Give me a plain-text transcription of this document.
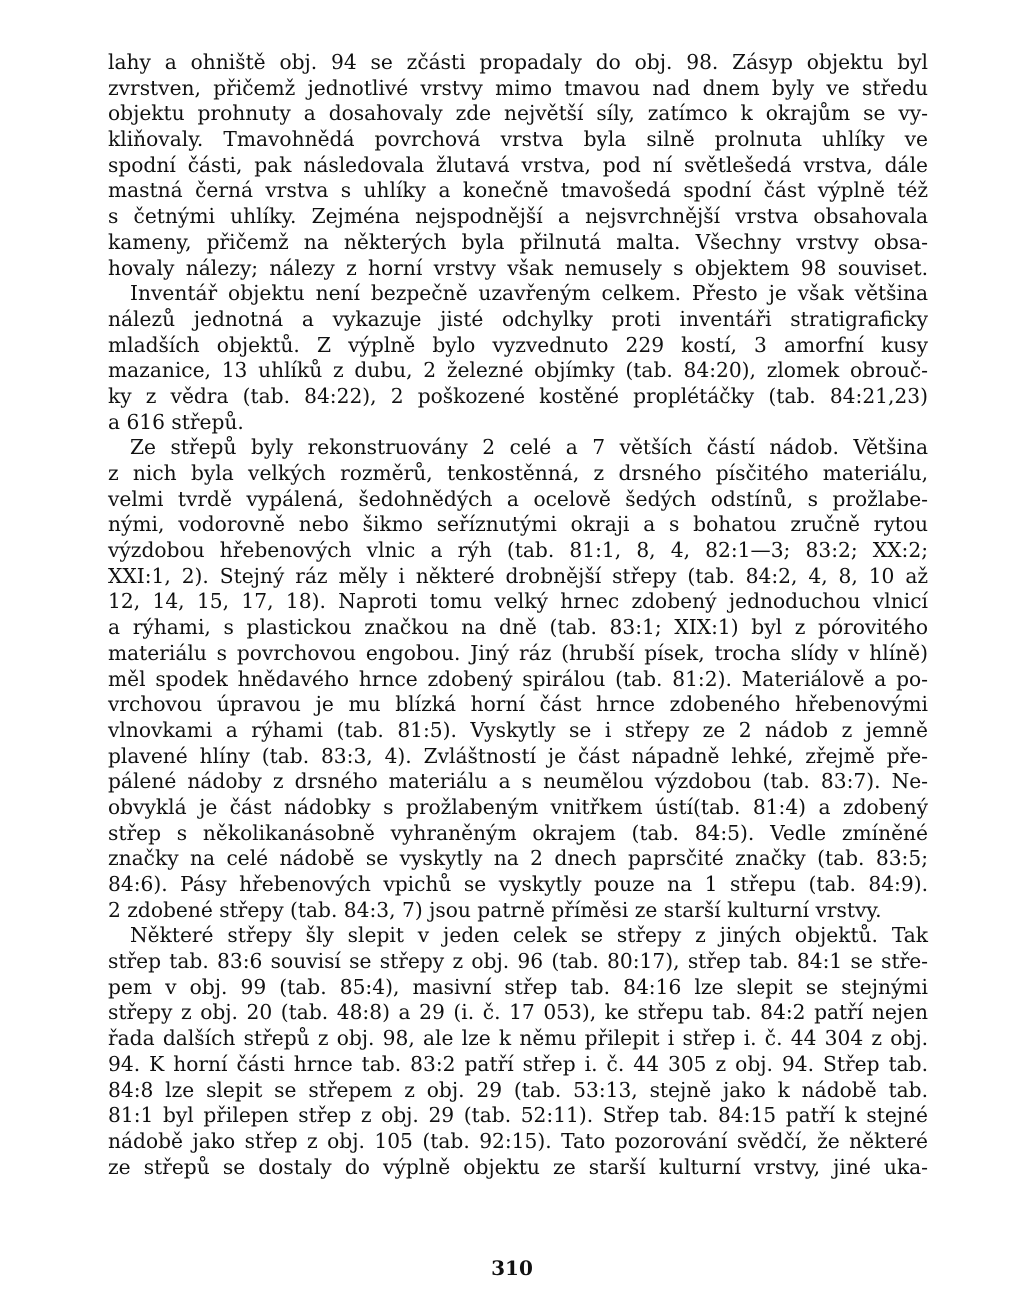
lahy a ohniště obj. 94 se zčásti propadaly do obj. 98. Zásyp objektu byl
zvrstven, přičemž jednotlivé vrstvy mimo tmavou nad dnem byly ve středu
objektu prohnuty a dosahovaly zde největší síly, zatímco k okrajům se vy-
kliňovaly. Tmavohnědá povrchová vrstva byla silně prolnuta uhlíky ve
spodní části, pak následovala žlutavá vrstva, pod ní světlešedá vrstva, dále
mastná černá vrstva s uhlíky a konečně tmavošedá spodní část výplně též
s četnými uhlíky. Zejména nejspodnější a nejsvrchnější vrstva obsahovala
kameny, přičemž na některých byla přilnutá malta. Všechny vrstvy obsa-
hovaly nálezy; nálezy z horní vrstvy však nemusely s objektem 98 souviset.
Inventář objektu není bezpečně uzavřeným celkem. Přesto je však většina
nálezů jednotná a vykazuje jisté odchylky proti inventáři stratigraficky
mladších objektů. Z výplně bylo vyzvednuto 229 kostí, 3 amorfní kusy
mazanice, 13 uhlíků z dubu, 2 železné objímky (tab. 84:20), zlomek obrouč-
ky z vědra (tab. 84:22), 2 poškozené kostěné proplétáčky (tab. 84:21,23)
a 616 střepů.
Ze střepů byly rekonstruovány 2 celé a 7 větších částí nádob. Většina
z nich byla velkých rozměrů, tenkostěnná, z drsného písčitého materiálu,
velmi tvrdě vypálená, šedohnědých a ocelově šedých odstínů, s prožlabe-
nými, vodorovně nebo šikmo seříznutými okraji a s bohatou zručně rytou
výzdobou hřebenových vlnic a rýh (tab. 81:1, 8, 4, 82:1—3; 83:2; XX:2;
XXI:1, 2). Stejný ráz měly i některé drobnější střepy (tab. 84:2, 4, 8, 10 až
12, 14, 15, 17, 18). Naproti tomu velký hrnec zdobený jednoduchou vlnicí
a rýhami, s plastickou značkou na dně (tab. 83:1; XIX:1) byl z pórovitého
materiálu s povrchovou engobou. Jiný ráz (hrubší písek, trocha slídy v hlíně)
měl spodek hnědavého hrnce zdobený spirálou (tab. 81:2). Materiálově a po-
vrchovou úpravou je mu blízká horní část hrnce zdobeného hřebenovými
vlnovkami a rýhami (tab. 81:5). Vyskytly se i střepy ze 2 nádob z jemně
plavené hlíny (tab. 83:3, 4). Zvláštností je část nápadně lehké, zřejmě pře-
pálené nádoby z drsného materiálu a s neumělou výzdobou (tab. 83:7). Ne-
obvyklá je část nádobky s prožlabeným vnitřkem ústí(tab. 81:4) a zdobený
střep s několikanásobně vyhraněným okrajem (tab. 84:5). Vedle zmíněné
značky na celé nádobě se vyskytly na 2 dnech paprsčité značky (tab. 83:5;
84:6). Pásy hřebenových vpichů se vyskytly pouze na 1 střepu (tab. 84:9).
2 zdobené střepy (tab. 84:3, 7) jsou patrně příměsi ze starší kulturní vrstvy.
Některé střepy šly slepit v jeden celek se střepy z jiných objektů. Tak
střep tab. 83:6 souvisí se střepy z obj. 96 (tab. 80:17), střep tab. 84:1 se stře-
pem v obj. 99 (tab. 85:4), masivní střep tab. 84:16 lze slepit se stejnými
střepy z obj. 20 (tab. 48:8) a 29 (i. č. 17 053), ke střepu tab. 84:2 patří nejen
řada dalších střepů z obj. 98, ale lze k němu přilepit i střep i. č. 44 304 z obj.
94. K horní části hrnce tab. 83:2 patří střep i. č. 44 305 z obj. 94. Střep tab.
84:8 lze slepit se střepem z obj. 29 (tab. 53:13, stejně jako k nádobě tab.
81:1 byl přilepen střep z obj. 29 (tab. 52:11). Střep tab. 84:15 patří k stejné
nádobě jako střep z obj. 105 (tab. 92:15). Tato pozorování svědčí, že některé
ze střepů se dostaly do výplně objektu ze starší kulturní vrstvy, jiné uka-
310
